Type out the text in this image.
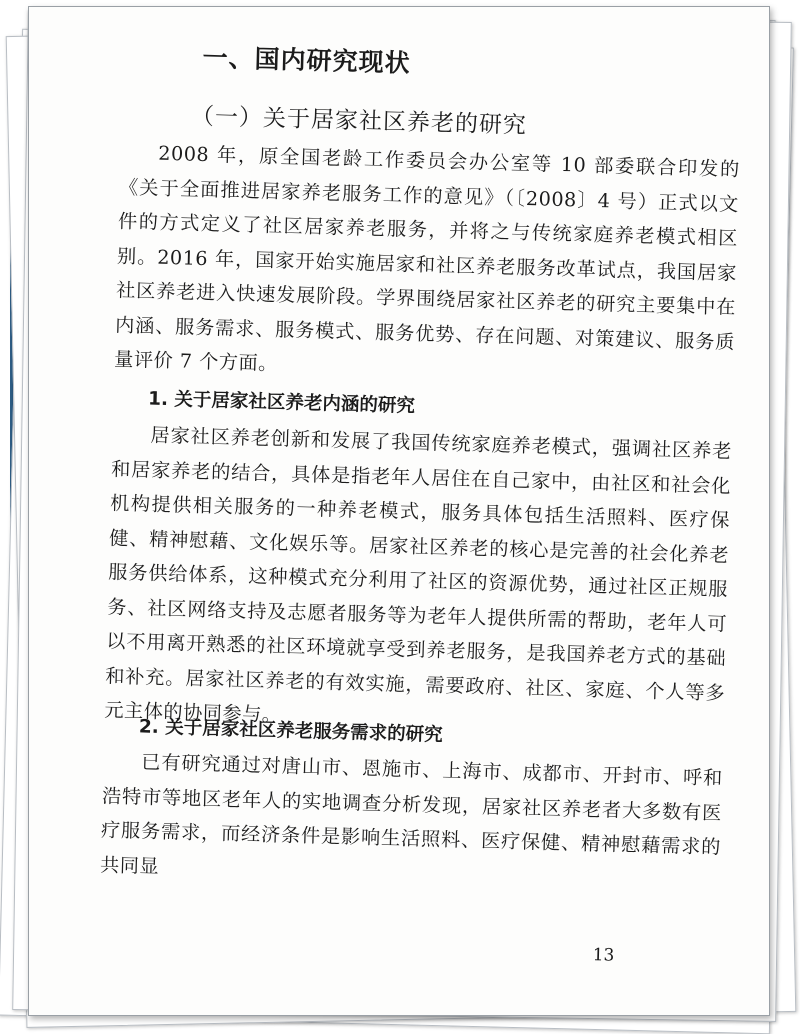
一、国内研究现状
（一）关于居家社区养老的研究

2008 年，原全国老龄工作委员会办公室等 10 部委联合印发的《关于全面推进居家养老服务工作的意见》（〔2008〕4 号）正式以文件的方式定义了社区居家养老服务，并将之与传统家庭养老模式相区别。2016 年，国家开始实施居家和社区养老服务改革试点，我国居家社区养老进入快速发展阶段。学界围绕居家社区养老的研究主要集中在内涵、服务需求、服务模式、服务优势、存在问题、对策建议、服务质量评价 7 个方面。

1. 关于居家社区养老内涵的研究

居家社区养老创新和发展了我国传统家庭养老模式，强调社区养老和居家养老的结合，具体是指老年人居住在自己家中，由社区和社会化机构提供相关服务的一种养老模式，服务具体包括生活照料、医疗保健、精神慰藉、文化娱乐等。居家社区养老的核心是完善的社会化养老服务供给体系，这种模式充分利用了社区的资源优势，通过社区正规服务、社区网络支持及志愿者服务等为老年人提供所需的帮助，老年人可以不用离开熟悉的社区环境就享受到养老服务，是我国养老方式的基础和补充。居家社区养老的有效实施，需要政府、社区、家庭、个人等多元主体的协同参与。

2. 关于居家社区养老服务需求的研究

已有研究通过对唐山市、恩施市、上海市、成都市、开封市、呼和浩特市等地区老年人的实地调查分析发现，居家社区养老者大多数有医疗服务需求，而经济条件是影响生活照料、医疗保健、精神慰藉需求的共同显

13
